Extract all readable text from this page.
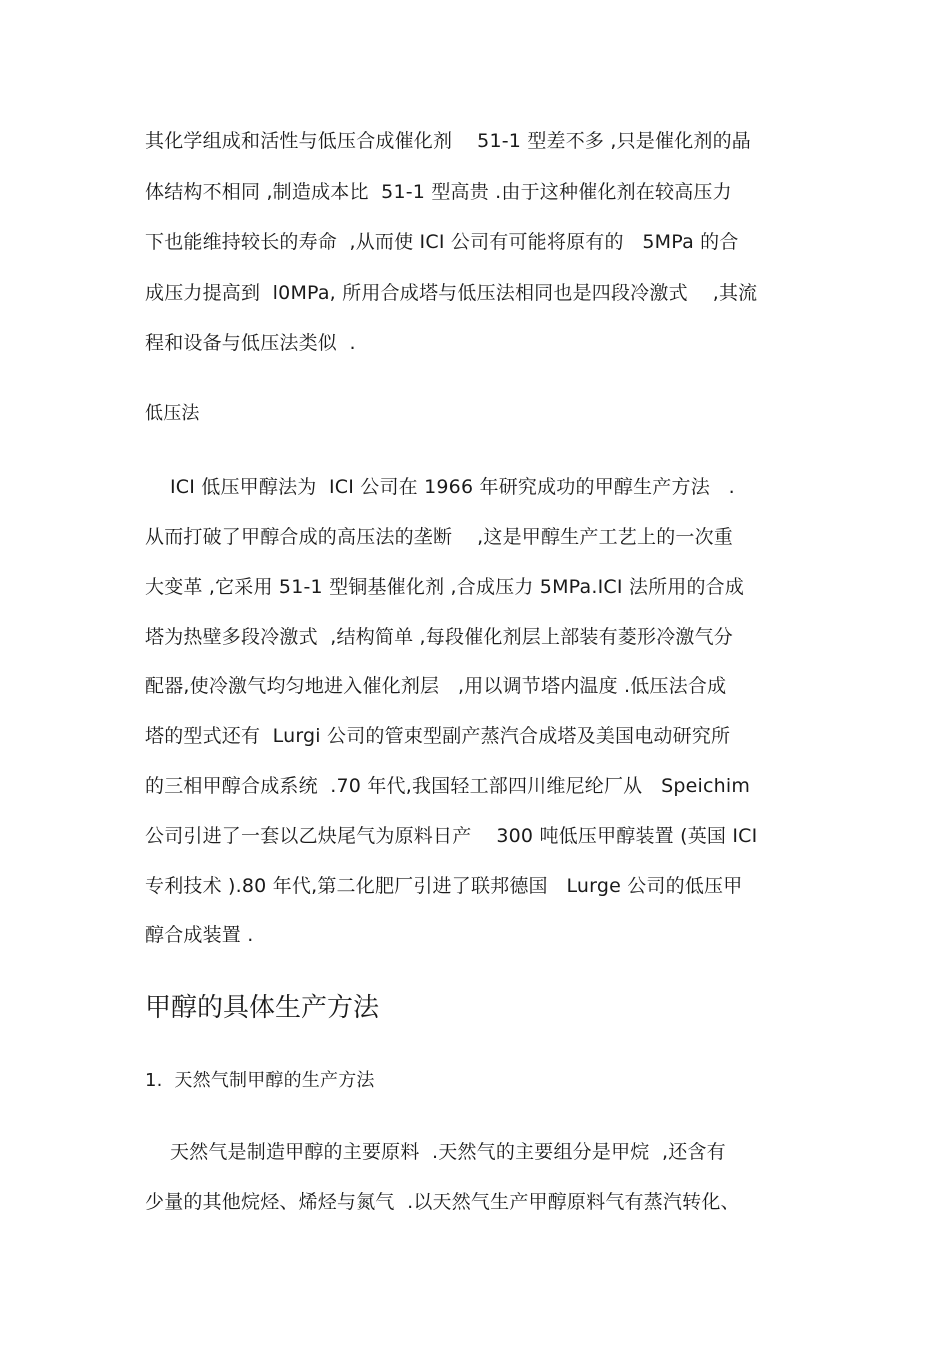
其化学组成和活性与低压合成催化剂    51-1 型差不多 ,只是催化剂的晶
体结构不相同 ,制造成本比  51-1 型高贵 .由于这种催化剂在较高压力
下也能维持较长的寿命  ,从而使 ICI 公司有可能将原有的   5MPa 的合
成压力提高到  l0MPa, 所用合成塔与低压法相同也是四段冷激式    ,其流
程和设备与低压法类似  .
低压法
ICI 低压甲醇法为  ICI 公司在 1966 年研究成功的甲醇生产方法   .
从而打破了甲醇合成的高压法的垄断    ,这是甲醇生产工艺上的一次重
大变革 ,它采用 51-1 型铜基催化剂 ,合成压力 5MPa.ICI 法所用的合成
塔为热壁多段冷激式  ,结构简单 ,每段催化剂层上部装有菱形冷激气分
配器,使冷激气均匀地进入催化剂层   ,用以调节塔内温度 .低压法合成
塔的型式还有  Lurgi 公司的管束型副产蒸汽合成塔及美国电动研究所
的三相甲醇合成系统  .70 年代,我国轻工部四川维尼纶厂从   Speichim
公司引进了一套以乙炔尾气为原料日产    300 吨低压甲醇装置 (英国 ICI
专利技术 ).80 年代,第二化肥厂引进了联邦德国   Lurge 公司的低压甲
醇合成装置 .
甲醇的具体生产方法
1.  天然气制甲醇的生产方法
天然气是制造甲醇的主要原料  .天然气的主要组分是甲烷  ,还含有
少量的其他烷烃、烯烃与氮气  .以天然气生产甲醇原料气有蒸汽转化、
